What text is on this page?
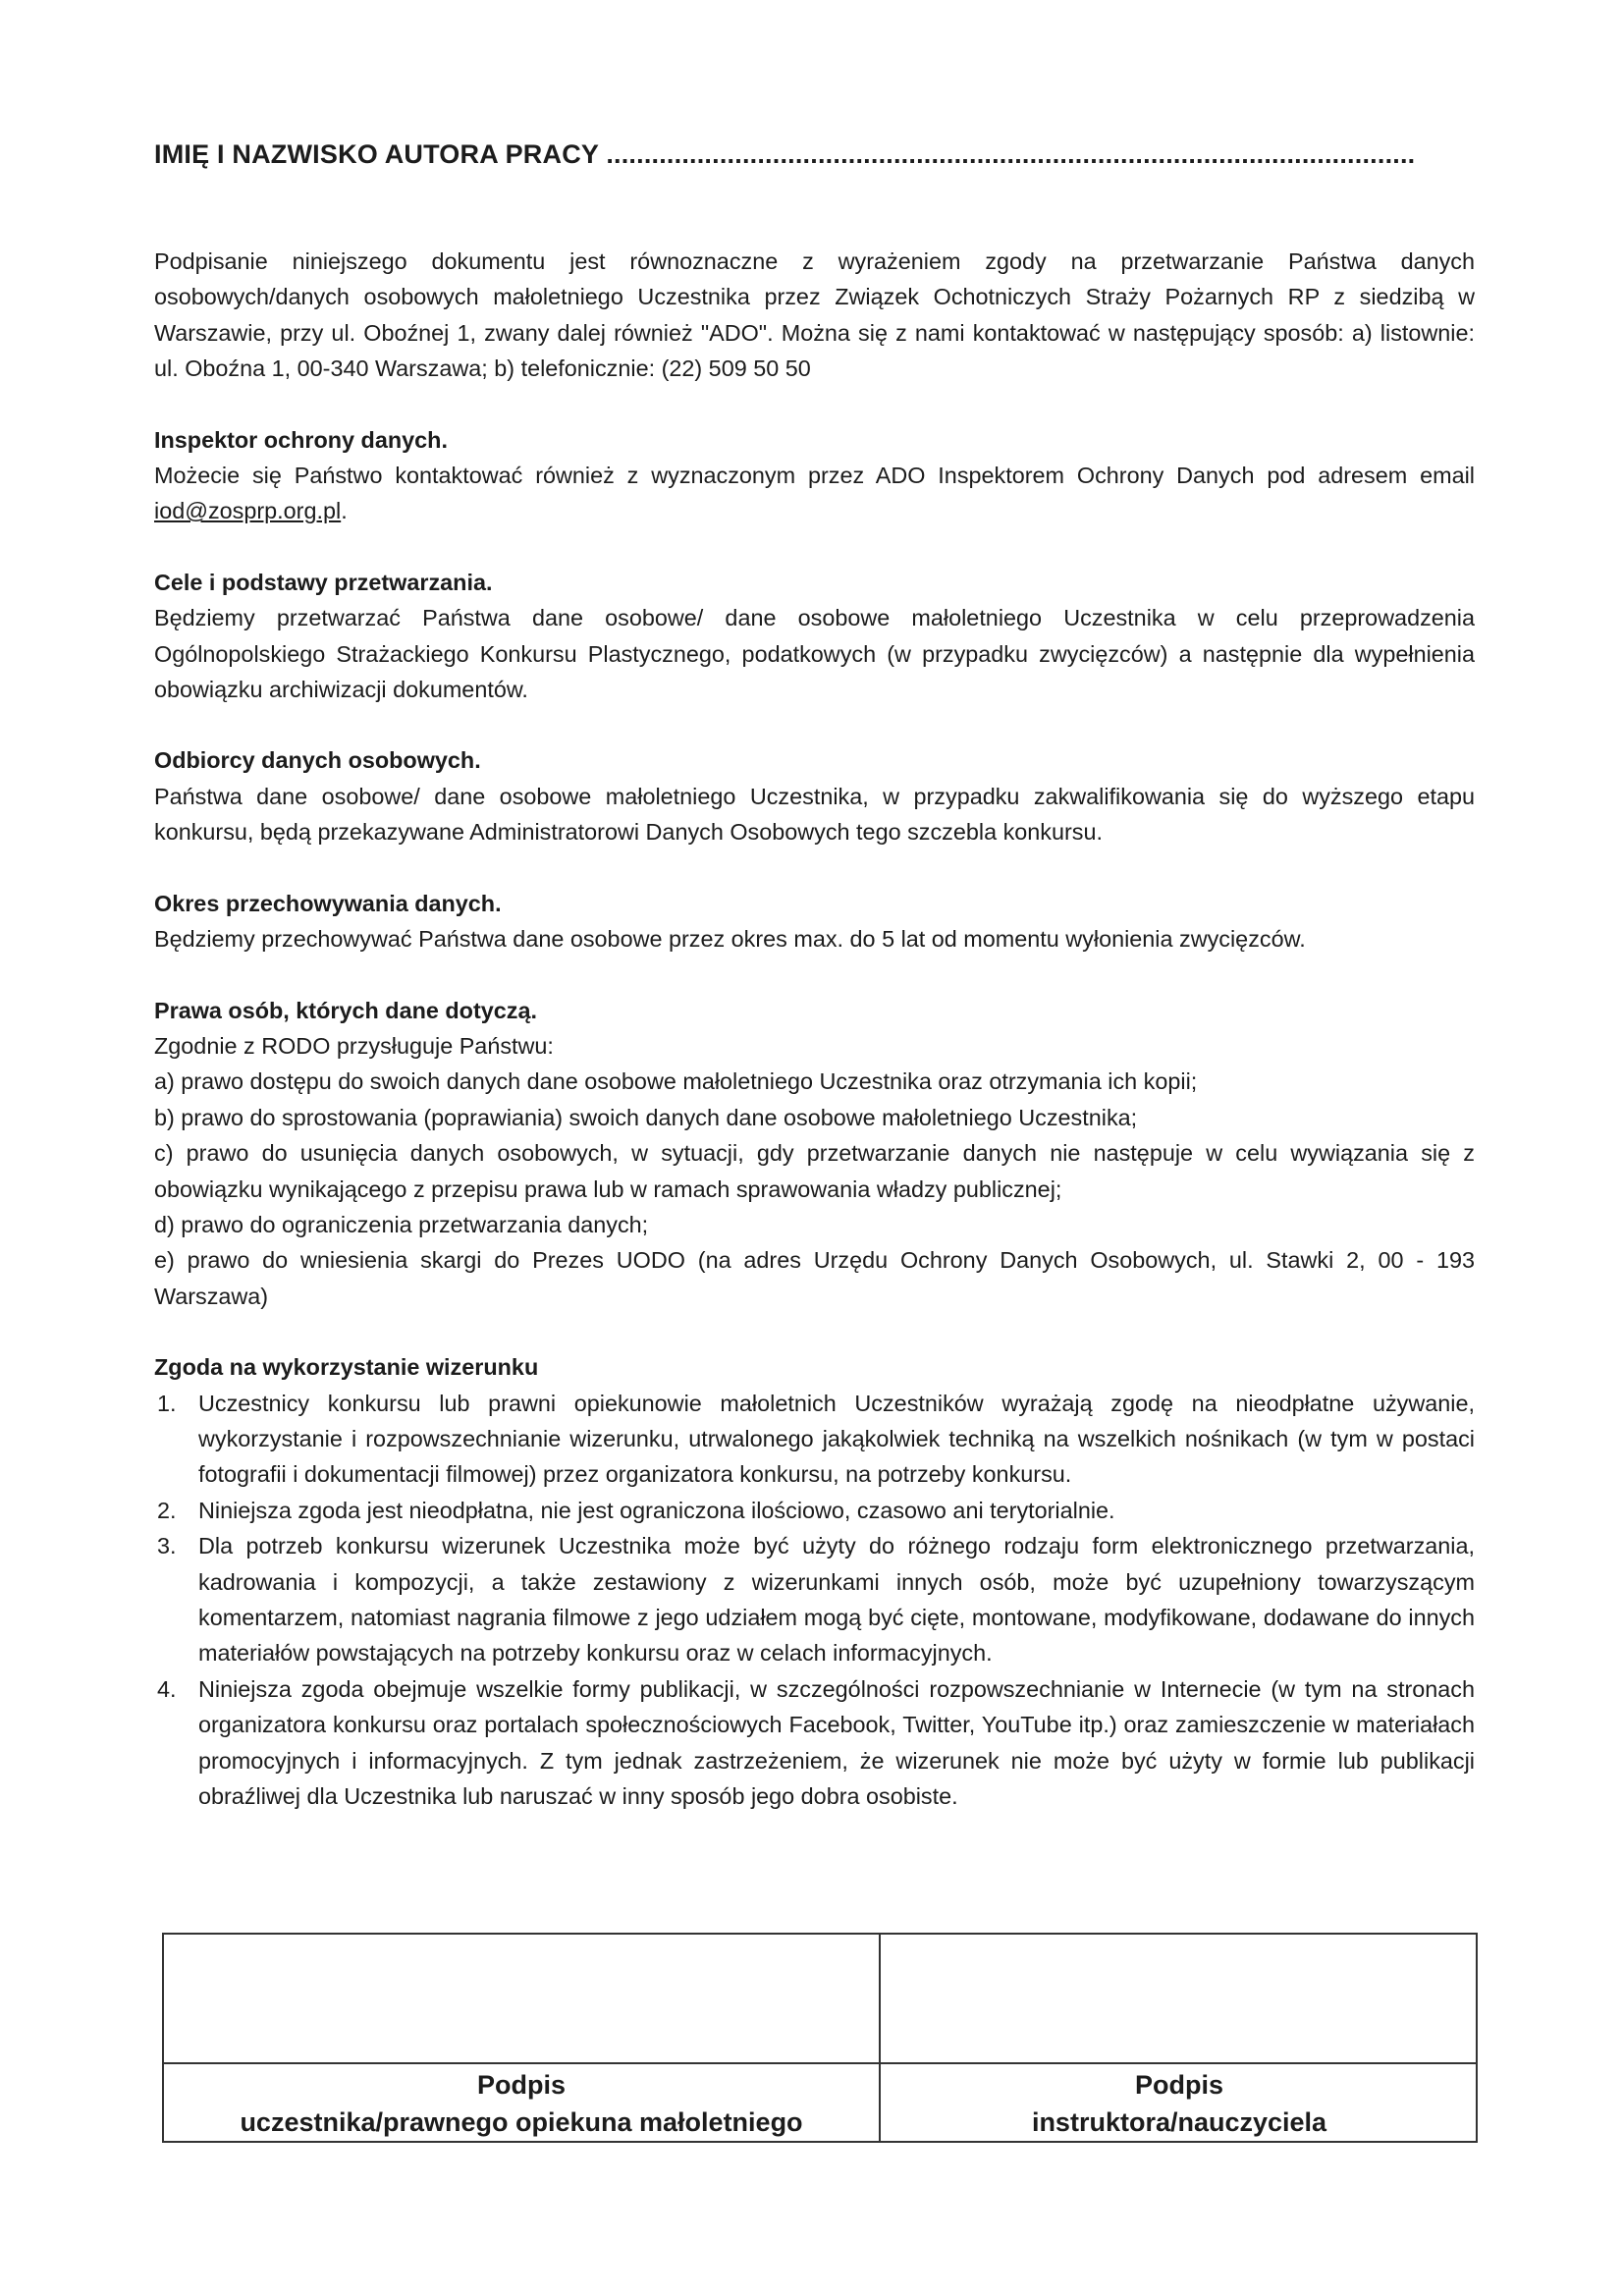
IMIĘ I NAZWISKO AUTORA PRACY ...........................................................................................................

Podpisanie niniejszego dokumentu jest równoznaczne z wyrażeniem zgody na przetwarzanie Państwa danych osobowych/danych osobowych małoletniego Uczestnika przez Związek Ochotniczych Straży Pożarnych RP z siedzibą w Warszawie, przy ul. Oboźnej 1, zwany dalej również "ADO". Można się z nami kontaktować w następujący sposób: a) listownie: ul. Oboźna 1, 00-340 Warszawa; b) telefonicznie: (22) 509 50 50

Inspektor ochrony danych.

Możecie się Państwo kontaktować również z wyznaczonym przez ADO Inspektorem Ochrony Danych pod adresem email iod@zosprp.org.pl.

Cele i podstawy przetwarzania.

Będziemy przetwarzać Państwa dane osobowe/ dane osobowe małoletniego Uczestnika w celu przeprowadzenia Ogólnopolskiego Strażackiego Konkursu Plastycznego, podatkowych (w przypadku zwycięzców) a następnie dla wypełnienia obowiązku archiwizacji dokumentów.

Odbiorcy danych osobowych.

Państwa dane osobowe/ dane osobowe małoletniego Uczestnika, w przypadku zakwalifikowania się do wyższego etapu konkursu, będą przekazywane Administratorowi Danych Osobowych tego szczebla konkursu.

Okres przechowywania danych.

Będziemy przechowywać Państwa dane osobowe przez okres max. do 5 lat od momentu wyłonienia zwycięzców.

Prawa osób, których dane dotyczą.

Zgodnie z RODO przysługuje Państwu:

a) prawo dostępu do swoich danych dane osobowe małoletniego Uczestnika oraz otrzymania ich kopii;

b) prawo do sprostowania (poprawiania) swoich danych dane osobowe małoletniego Uczestnika;

c) prawo do usunięcia danych osobowych, w sytuacji, gdy przetwarzanie danych nie następuje w celu wywiązania się z obowiązku wynikającego z przepisu prawa lub w ramach sprawowania władzy publicznej;

d) prawo do ograniczenia przetwarzania danych;

e) prawo do wniesienia skargi do Prezes UODO (na adres Urzędu Ochrony Danych Osobowych, ul. Stawki 2, 00 - 193 Warszawa)

Zgoda na wykorzystanie wizerunku

1. Uczestnicy konkursu lub prawni opiekunowie małoletnich Uczestników wyrażają zgodę na nieodpłatne używanie, wykorzystanie i rozpowszechnianie wizerunku, utrwalonego jakąkolwiek techniką na wszelkich nośnikach (w tym w postaci fotografii i dokumentacji filmowej) przez organizatora konkursu, na potrzeby konkursu.
2. Niniejsza zgoda jest nieodpłatna, nie jest ograniczona ilościowo, czasowo ani terytorialnie.
3. Dla potrzeb konkursu wizerunek Uczestnika może być użyty do różnego rodzaju form elektronicznego przetwarzania, kadrowania i kompozycji, a także zestawiony z wizerunkami innych osób, może być uzupełniony towarzyszącym komentarzem, natomiast nagrania filmowe z jego udziałem mogą być cięte, montowane, modyfikowane, dodawane do innych materiałów powstających na potrzeby konkursu oraz w celach informacyjnych.
4. Niniejsza zgoda obejmuje wszelkie formy publikacji, w szczególności rozpowszechnianie w Internecie (w tym na stronach organizatora konkursu oraz portalach społecznościowych Facebook, Twitter, YouTube itp.) oraz zamieszczenie w materiałach promocyjnych i informacyjnych. Z tym jednak zastrzeżeniem, że wizerunek nie może być użyty w formie lub publikacji obraźliwej dla Uczestnika lub naruszać w inny sposób jego dobra osobiste.
Podpis
uczestnika/prawnego opiekuna małoletniego
Podpis
instruktora/nauczyciela
